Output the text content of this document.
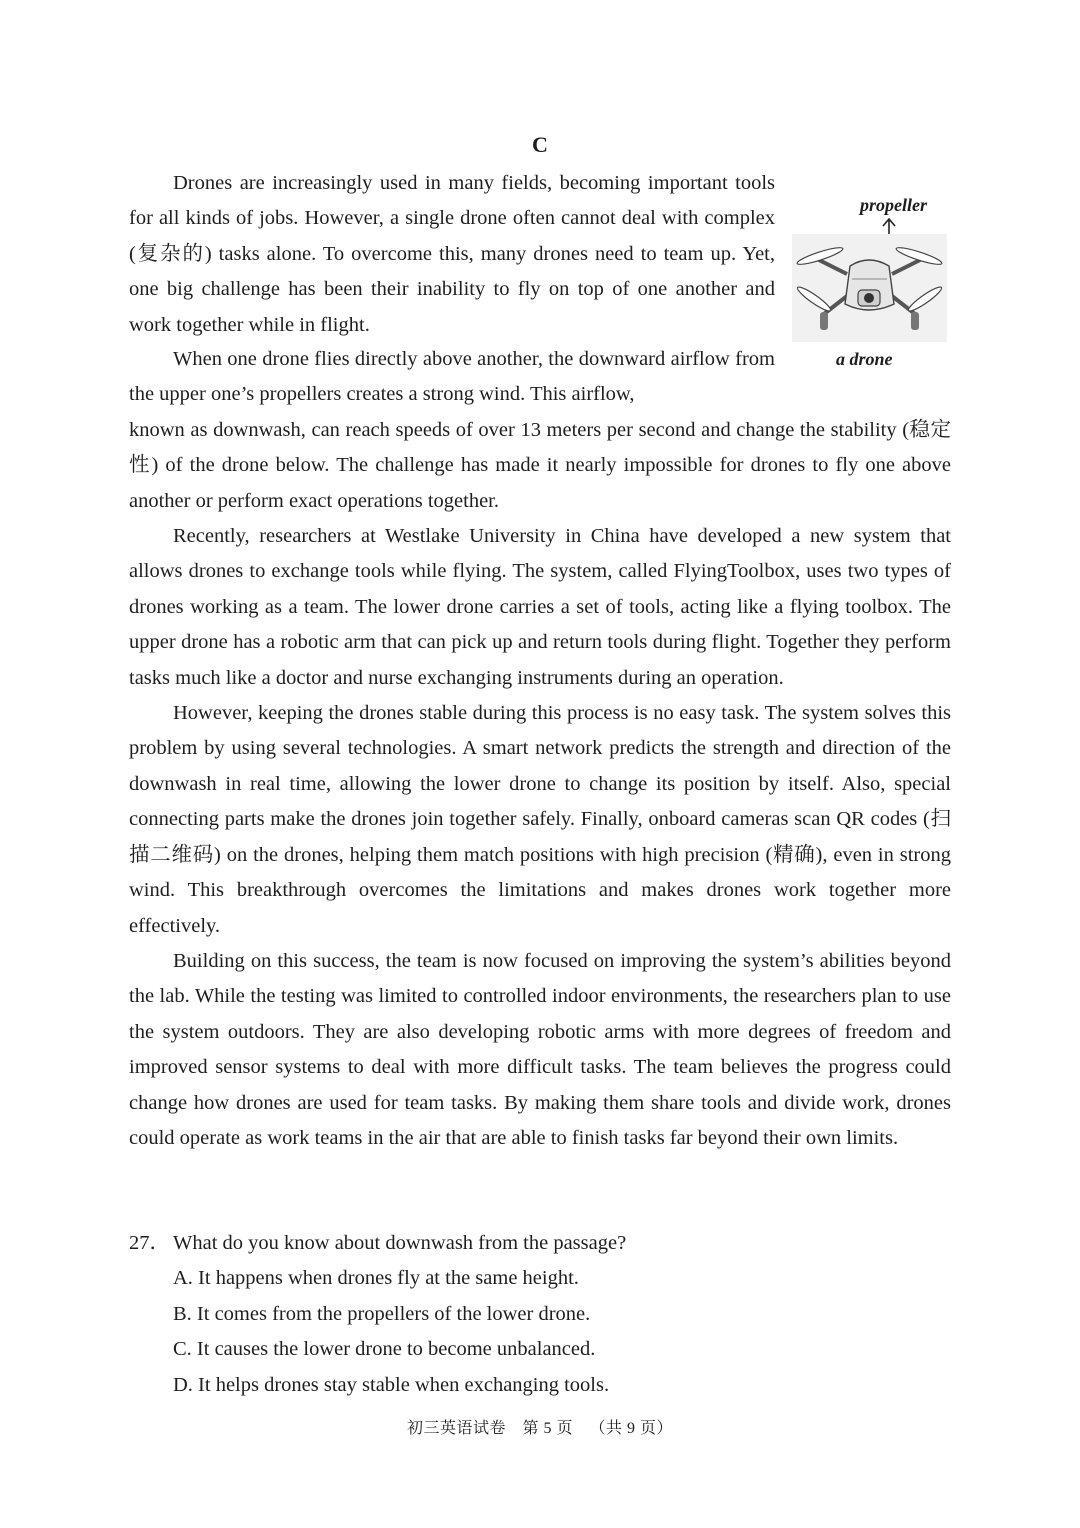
C

Drones are increasingly used in many fields, becoming important tools for all kinds of jobs. However, a single drone often cannot deal with complex (复杂的) tasks alone. To overcome this, many drones need to team up. Yet, one big challenge has been their inability to fly on top of one another and work together while in flight.

propeller
a drone

When one drone flies directly above another, the downward airflow from the upper one’s propellers creates a strong wind. This airflow,

known as downwash, can reach speeds of over 13 meters per second and change the stability (稳定性) of the drone below. The challenge has made it nearly impossible for drones to fly one above another or perform exact operations together.

Recently, researchers at Westlake University in China have developed a new system that allows drones to exchange tools while flying. The system, called FlyingToolbox, uses two types of drones working as a team. The lower drone carries a set of tools, acting like a flying toolbox. The upper drone has a robotic arm that can pick up and return tools during flight. Together they perform tasks much like a doctor and nurse exchanging instruments during an operation.

However, keeping the drones stable during this process is no easy task. The system solves this problem by using several technologies. A smart network predicts the strength and direction of the downwash in real time, allowing the lower drone to change its position by itself. Also, special connecting parts make the drones join together safely. Finally, onboard cameras scan QR codes (扫描二维码) on the drones, helping them match positions with high precision (精确), even in strong wind. This breakthrough overcomes the limitations and makes drones work together more effectively.

Building on this success, the team is now focused on improving the system’s abilities beyond the lab. While the testing was limited to controlled indoor environments, the researchers plan to use the system outdoors. They are also developing robotic arms with more degrees of freedom and improved sensor systems to deal with more difficult tasks. The team believes the progress could change how drones are used for team tasks. By making them share tools and divide work, drones could operate as work teams in the air that are able to finish tasks far beyond their own limits.

27． What do you know about downwash from the passage?

A. It happens when drones fly at the same height.

B. It comes from the propellers of the lower drone.

C. It causes the lower drone to become unbalanced.

D. It helps drones stay stable when exchanging tools.

初三英语试卷 第 5 页 （共 9 页）
